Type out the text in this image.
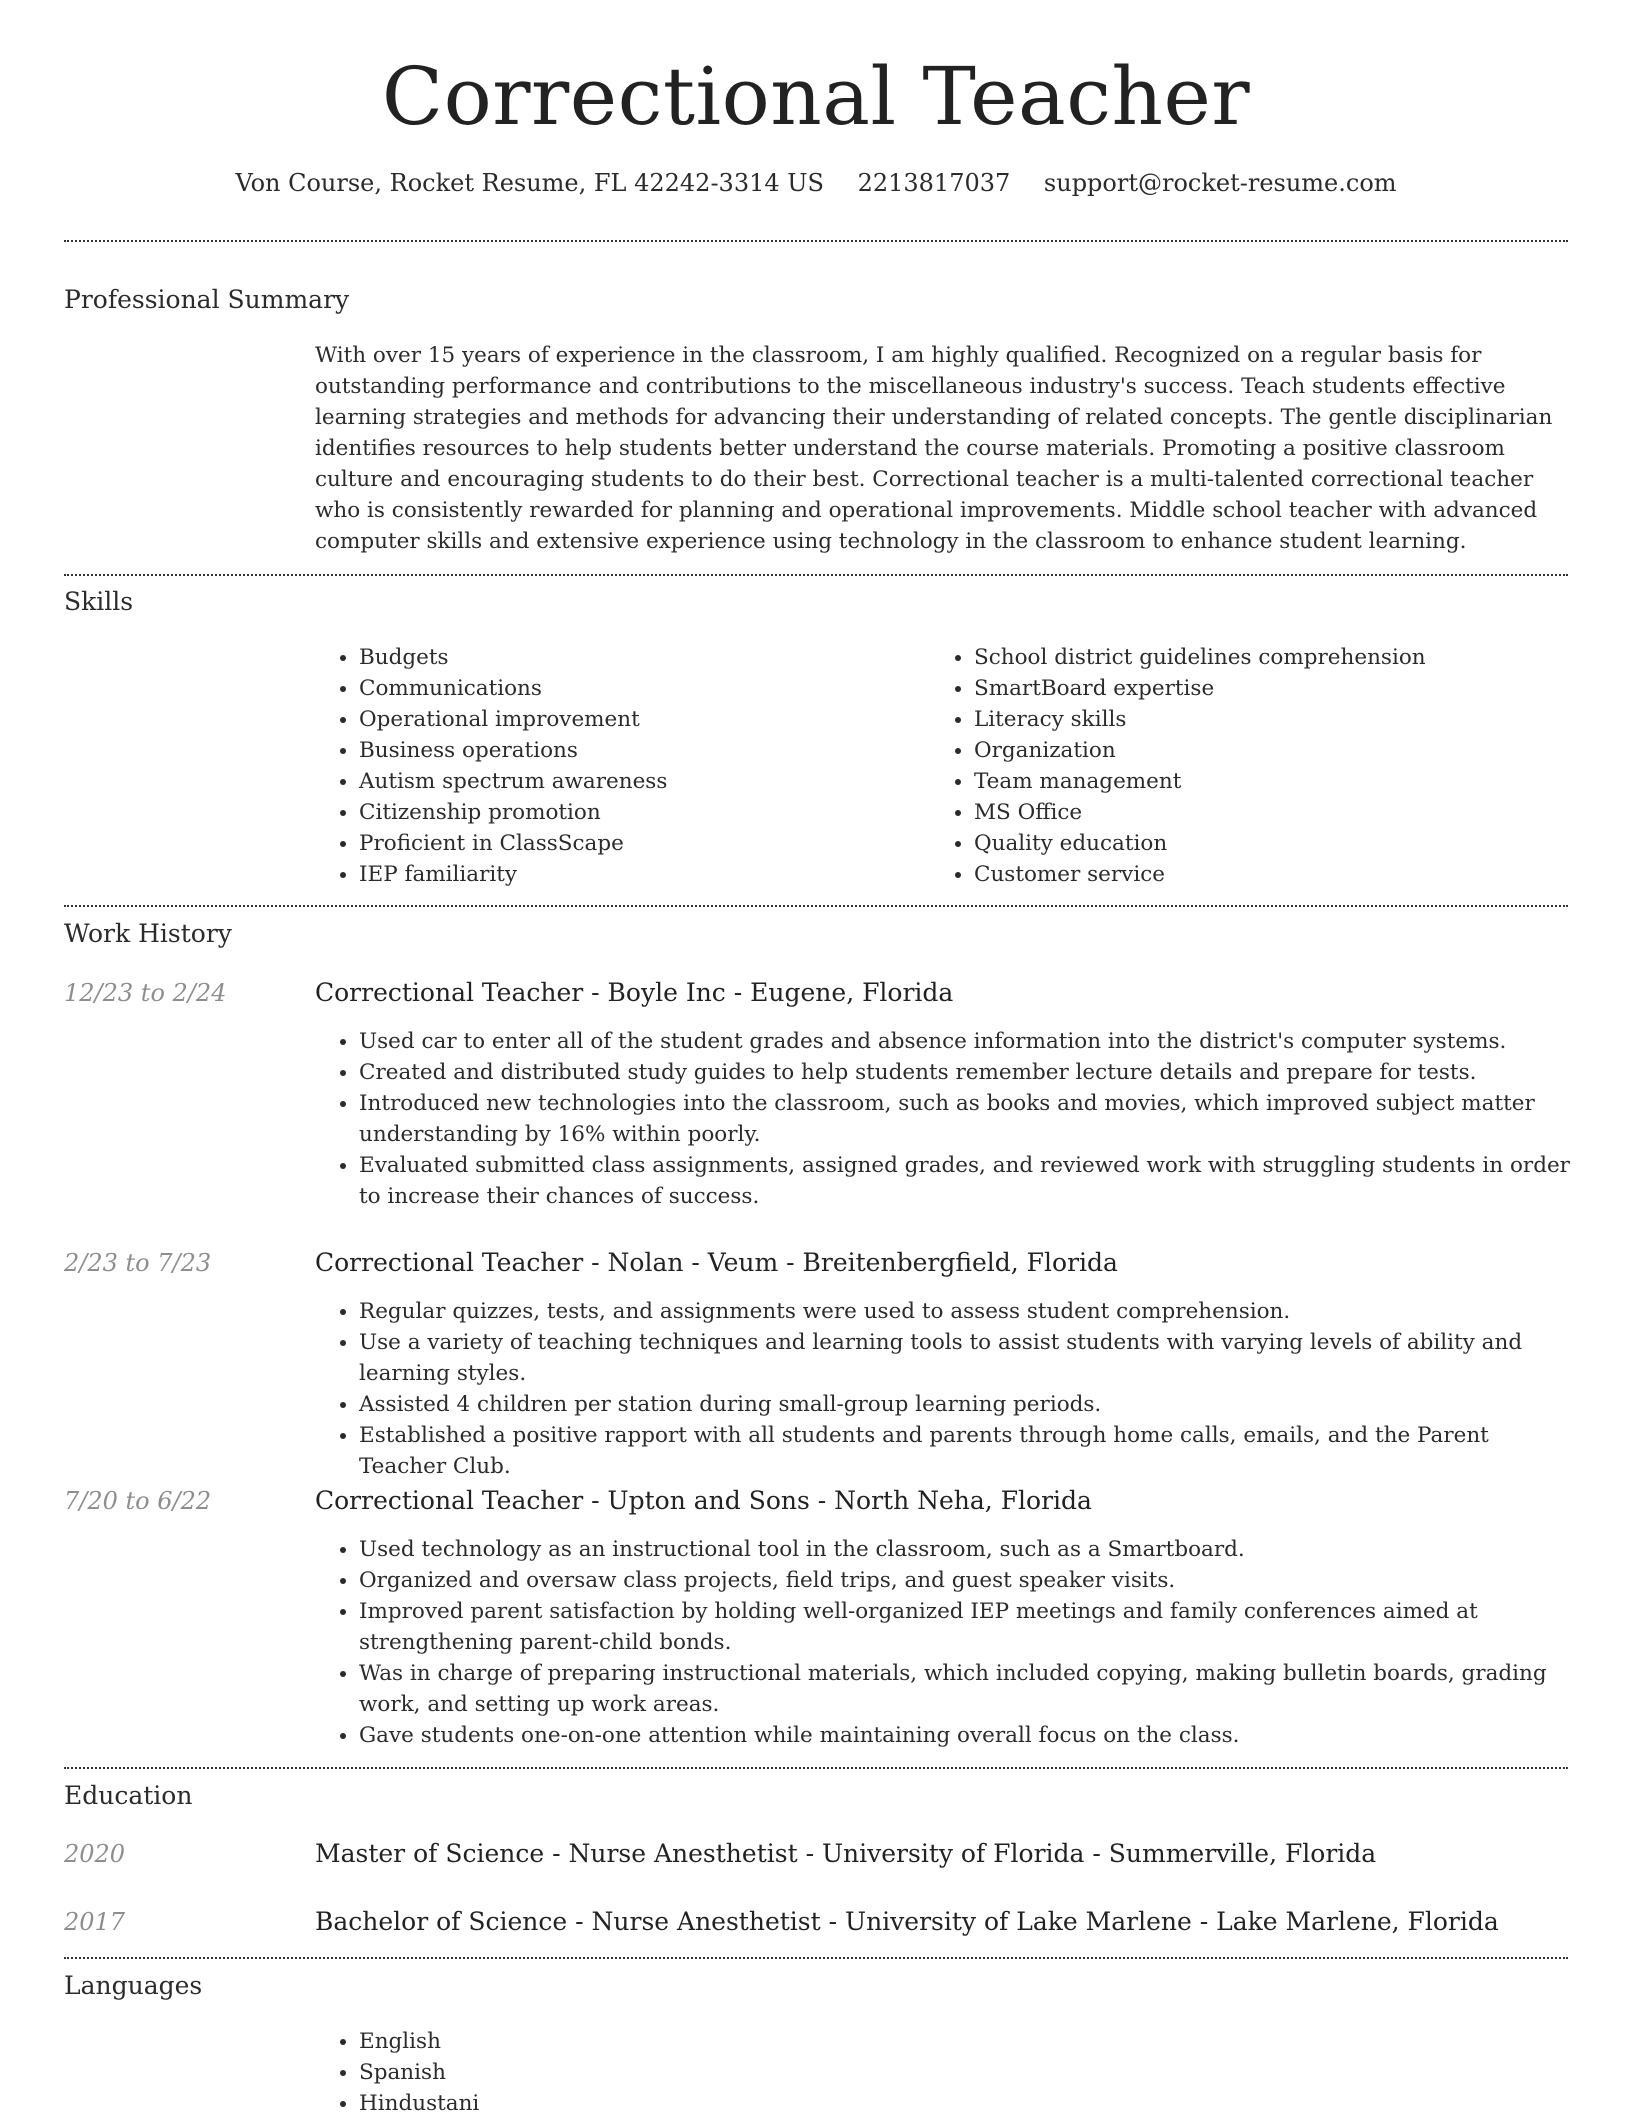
Correctional Teacher
Von Course, Rocket Resume, FL 42242-3314 US 2213817037 support@rocket-resume.com
Professional Summary

With over 15 years of experience in the classroom, I am highly qualified. Recognized on a regular basis for outstanding performance and contributions to the miscellaneous industry's success. Teach students effective learning strategies and methods for advancing their understanding of related concepts. The gentle disciplinarian identifies resources to help students better understand the course materials. Promoting a positive classroom culture and encouraging students to do their best. Correctional teacher is a multi-talented correctional teacher who is consistently rewarded for planning and operational improvements. Middle school teacher with advanced computer skills and extensive experience using technology in the classroom to enhance student learning.

Skills
• Budgets
• Communications
• Operational improvement
• Business operations
• Autism spectrum awareness
• Citizenship promotion
• Proficient in ClassScape
• IEP familiarity
• School district guidelines comprehension
• SmartBoard expertise
• Literacy skills
• Organization
• Team management
• MS Office
• Quality education
• Customer service
Work History
12/23 to 2/24	Correctional Teacher - Boyle Inc - Eugene, Florida
• Used car to enter all of the student grades and absence information into the district's computer systems.
• Created and distributed study guides to help students remember lecture details and prepare for tests.
• Introduced new technologies into the classroom, such as books and movies, which improved subject matter understanding by 16% within poorly.
• Evaluated submitted class assignments, assigned grades, and reviewed work with struggling students in order to increase their chances of success.
2/23 to 7/23	Correctional Teacher - Nolan - Veum - Breitenbergfield, Florida
• Regular quizzes, tests, and assignments were used to assess student comprehension.
• Use a variety of teaching techniques and learning tools to assist students with varying levels of ability and learning styles.
• Assisted 4 children per station during small-group learning periods.
• Established a positive rapport with all students and parents through home calls, emails, and the Parent Teacher Club.
7/20 to 6/22	Correctional Teacher - Upton and Sons - North Neha, Florida
• Used technology as an instructional tool in the classroom, such as a Smartboard.
• Organized and oversaw class projects, field trips, and guest speaker visits.
• Improved parent satisfaction by holding well-organized IEP meetings and family conferences aimed at strengthening parent-child bonds.
• Was in charge of preparing instructional materials, which included copying, making bulletin boards, grading work, and setting up work areas.
• Gave students one-on-one attention while maintaining overall focus on the class.
Education
2020	Master of Science - Nurse Anesthetist - University of Florida - Summerville, Florida
2017	Bachelor of Science - Nurse Anesthetist - University of Lake Marlene - Lake Marlene, Florida
Languages
• English
• Spanish
• Hindustani
